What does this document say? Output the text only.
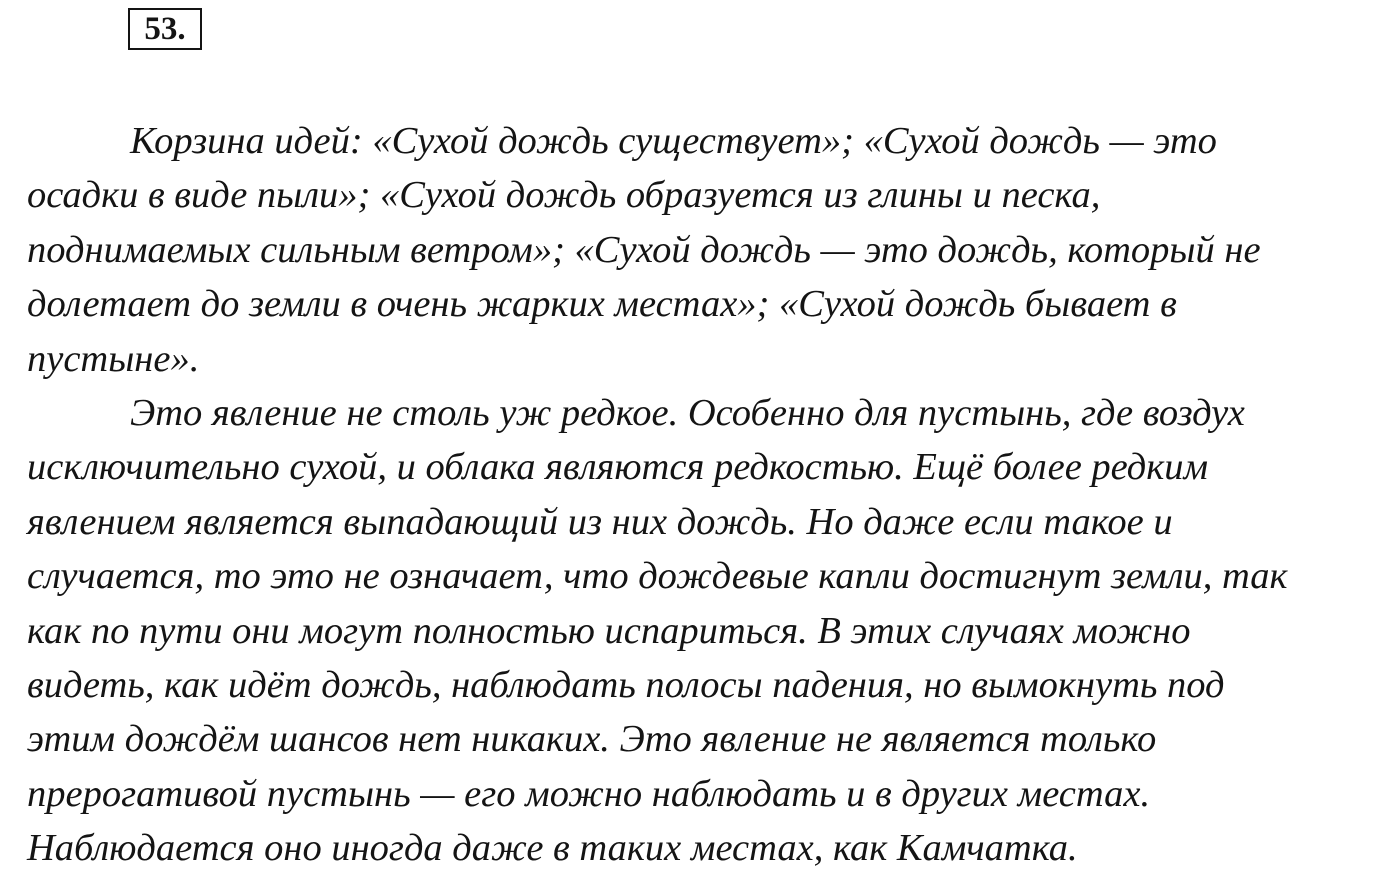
53.
Корзина идей: «Сухой дождь существует»; «Сухой дождь — это
осадки в виде пыли»; «Сухой дождь образуется из глины и песка,
поднимаемых сильным ветром»; «Сухой дождь — это дождь, который не
долетает до земли в очень жарких местах»; «Сухой дождь бывает в
пустыне».
Это явление не столь уж редкое. Особенно для пустынь, где воздух
исключительно сухой, и облака являются редкостью. Ещё более редким
явлением является выпадающий из них дождь. Но даже если такое и
случается, то это не означает, что дождевые капли достигнут земли, так
как по пути они могут полностью испариться. В этих случаях можно
видеть, как идёт дождь, наблюдать полосы падения, но вымокнуть под
этим дождём шансов нет никаких. Это явление не является только
прерогативой пустынь — его можно наблюдать и в других местах.
Наблюдается оно иногда даже в таких местах, как Камчатка.
